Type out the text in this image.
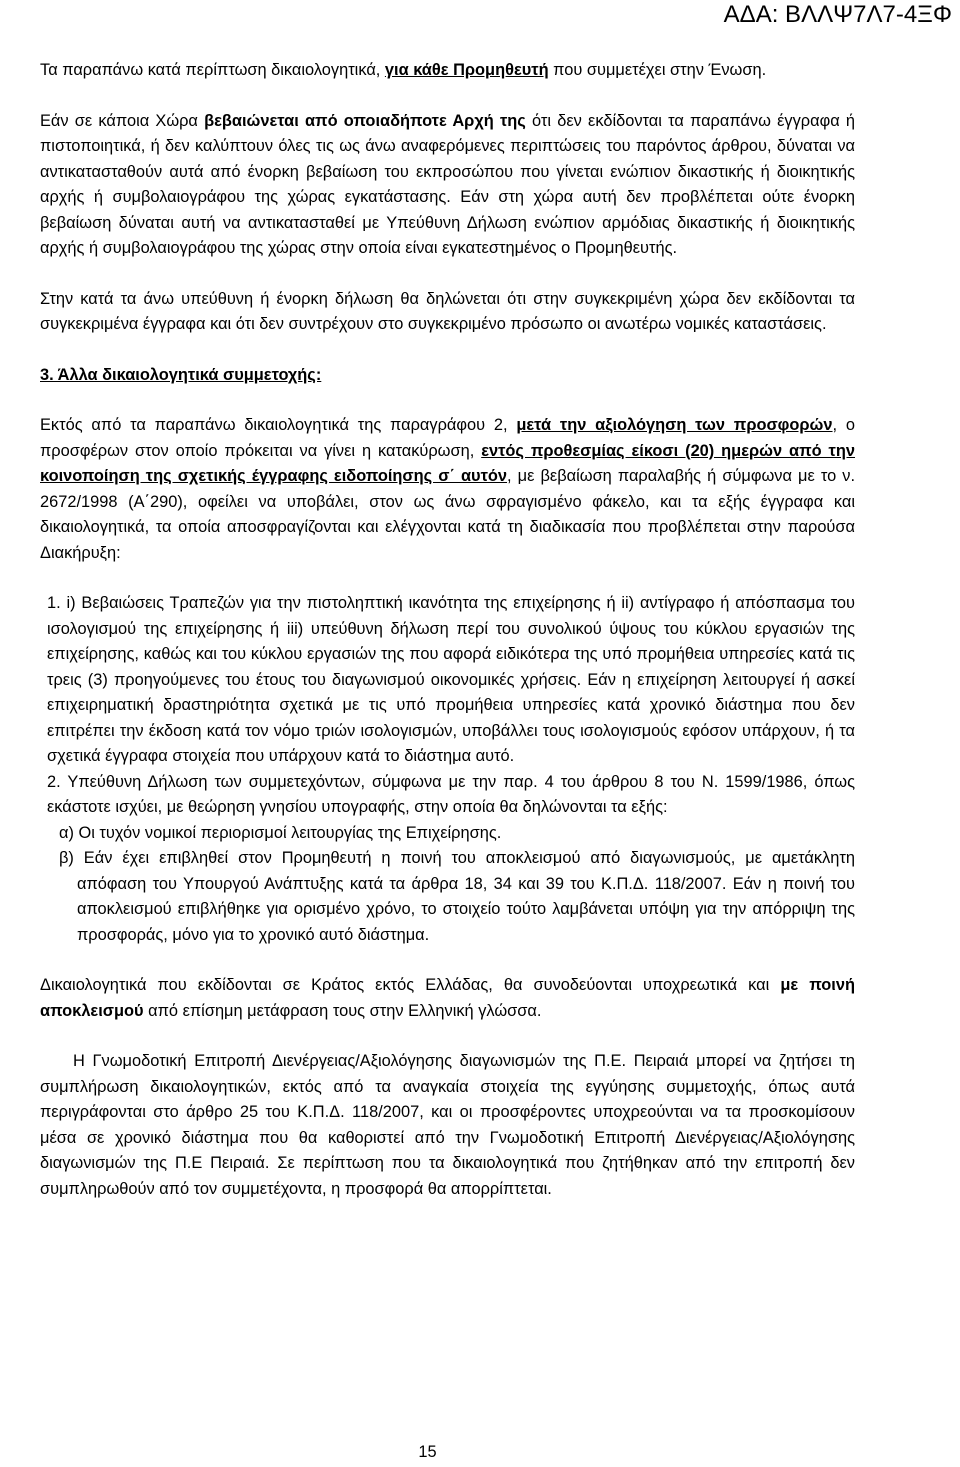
ΑΔΑ: ΒΛΛΨ7Λ7-4ΞΦ

Τα παραπάνω κατά περίπτωση δικαιολογητικά, για κάθε Προμηθευτή που συμμετέχει στην Ένωση.

Εάν σε κάποια Χώρα βεβαιώνεται από οποιαδήποτε Αρχή της ότι δεν εκδίδονται τα παραπάνω έγγραφα ή πιστοποιητικά, ή δεν καλύπτουν όλες τις ως άνω αναφερόμενες περιπτώσεις του παρόντος άρθρου, δύναται να αντικατασταθούν αυτά από ένορκη βεβαίωση του εκπροσώπου που γίνεται ενώπιον δικαστικής ή διοικητικής αρχής ή συμβολαιογράφου της χώρας εγκατάστασης. Εάν στη χώρα αυτή δεν προβλέπεται ούτε ένορκη βεβαίωση δύναται αυτή να αντικατασταθεί με Υπεύθυνη Δήλωση ενώπιον αρμόδιας δικαστικής ή διοικητικής αρχής ή συμβολαιογράφου της χώρας στην οποία είναι εγκατεστημένος ο Προμηθευτής.

Στην κατά τα άνω υπεύθυνη ή ένορκη δήλωση θα δηλώνεται ότι στην συγκεκριμένη χώρα δεν εκδίδονται τα συγκεκριμένα έγγραφα και ότι δεν συντρέχουν στο συγκεκριμένο πρόσωπο οι ανωτέρω νομικές καταστάσεις.

3. Άλλα δικαιολογητικά συμμετοχής:

Εκτός από τα παραπάνω δικαιολογητικά της παραγράφου 2, μετά την αξιολόγηση των προσφορών, ο προσφέρων στον οποίο πρόκειται να γίνει η κατακύρωση, εντός προθεσμίας είκοσι (20) ημερών από την κοινοποίηση της σχετικής έγγραφης ειδοποίησης σ΄ αυτόν, με βεβαίωση παραλαβής ή σύμφωνα με το ν. 2672/1998 (Α΄290), οφείλει να υποβάλει, στον ως άνω σφραγισμένο φάκελο, και τα εξής έγγραφα και δικαιολογητικά, τα οποία αποσφραγίζονται και ελέγχονται κατά τη διαδικασία που προβλέπεται στην παρούσα Διακήρυξη:

1. i) Βεβαιώσεις Τραπεζών για την πιστοληπτική ικανότητα της επιχείρησης ή ii) αντίγραφο ή απόσπασμα του ισολογισμού της επιχείρησης ή iii) υπεύθυνη δήλωση περί του συνολικού ύψους του κύκλου εργασιών της επιχείρησης, καθώς και του κύκλου εργασιών της που αφορά ειδικότερα της υπό προμήθεια υπηρεσίες κατά τις τρεις (3) προηγούμενες του έτους του διαγωνισμού οικονομικές χρήσεις. Εάν η επιχείρηση λειτουργεί ή ασκεί επιχειρηματική δραστηριότητα σχετικά με τις υπό προμήθεια υπηρεσίες κατά χρονικό διάστημα που δεν επιτρέπει την έκδοση κατά τον νόμο τριών ισολογισμών, υποβάλλει τους ισολογισμούς εφόσον υπάρχουν, ή τα σχετικά έγγραφα στοιχεία που υπάρχουν κατά το διάστημα αυτό.

2. Υπεύθυνη Δήλωση των συμμετεχόντων, σύμφωνα με την παρ. 4 του άρθρου 8 του Ν. 1599/1986, όπως εκάστοτε ισχύει, με θεώρηση γνησίου υπογραφής, στην οποία θα δηλώνονται τα εξής:

α) Οι τυχόν νομικοί περιορισμοί λειτουργίας της Επιχείρησης.

β) Εάν έχει επιβληθεί στον Προμηθευτή η ποινή του αποκλεισμού από διαγωνισμούς, με αμετάκλητη απόφαση του Υπουργού Ανάπτυξης κατά τα άρθρα 18, 34 και 39 του Κ.Π.Δ. 118/2007. Εάν η ποινή του αποκλεισμού επιβλήθηκε για ορισμένο χρόνο, το στοιχείο τούτο λαμβάνεται υπόψη για την απόρριψη της προσφοράς, μόνο για το χρονικό αυτό διάστημα.

Δικαιολογητικά που εκδίδονται σε Κράτος εκτός Ελλάδας, θα συνοδεύονται υποχρεωτικά και με ποινή αποκλεισμού από επίσημη μετάφραση τους στην Ελληνική γλώσσα.

Η Γνωμοδοτική Επιτροπή Διενέργειας/Αξιολόγησης διαγωνισμών της Π.Ε. Πειραιά μπορεί να ζητήσει τη συμπλήρωση δικαιολογητικών, εκτός από τα αναγκαία στοιχεία της εγγύησης συμμετοχής, όπως αυτά περιγράφονται στο άρθρο 25 του Κ.Π.Δ. 118/2007, και οι προσφέροντες υποχρεούνται να τα προσκομίσουν μέσα σε χρονικό διάστημα που θα καθοριστεί από την Γνωμοδοτική Επιτροπή Διενέργειας/Αξιολόγησης διαγωνισμών της Π.Ε Πειραιά. Σε περίπτωση που τα δικαιολογητικά που ζητήθηκαν από την επιτροπή δεν συμπληρωθούν από τον συμμετέχοντα, η προσφορά θα απορρίπτεται.

15
